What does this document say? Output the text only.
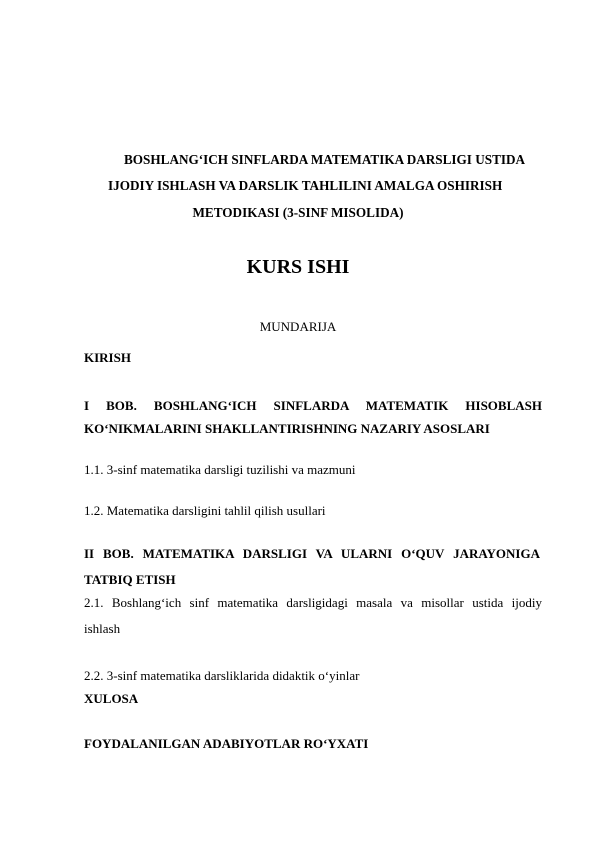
BOSHLANG‘ICH SINFLARDA MATEMATIKA DARSLIGI USTIDA
IJODIY ISHLASH VA DARSLIK TAHLILINI AMALGA OSHIRISH
METODIKASI (3-SINF MISOLIDA)
KURS ISHI
MUNDARIJA
KIRISH
I BOB. BOSHLANG‘ICH SINFLARDA MATEMATIK HISOBLASH
KO‘NIKMALARINI SHAKLLANTIRISHNING NAZARIY ASOSLARI
1.1. 3-sinf matematika darsligi tuzilishi va mazmuni
1.2. Matematika darsligini tahlil qilish usullari
II BOB. MATEMATIKA DARSLIGI VA ULARNI O‘QUV JARAYONIGA
TATBIQ ETISH
2.1. Boshlang‘ich sinf matematika darsligidagi masala va misollar ustida ijodiy
ishlash
2.2. 3-sinf matematika darsliklarida didaktik o‘yinlar
XULOSA
FOYDALANILGAN ADABIYOTLAR RO‘YXATI
